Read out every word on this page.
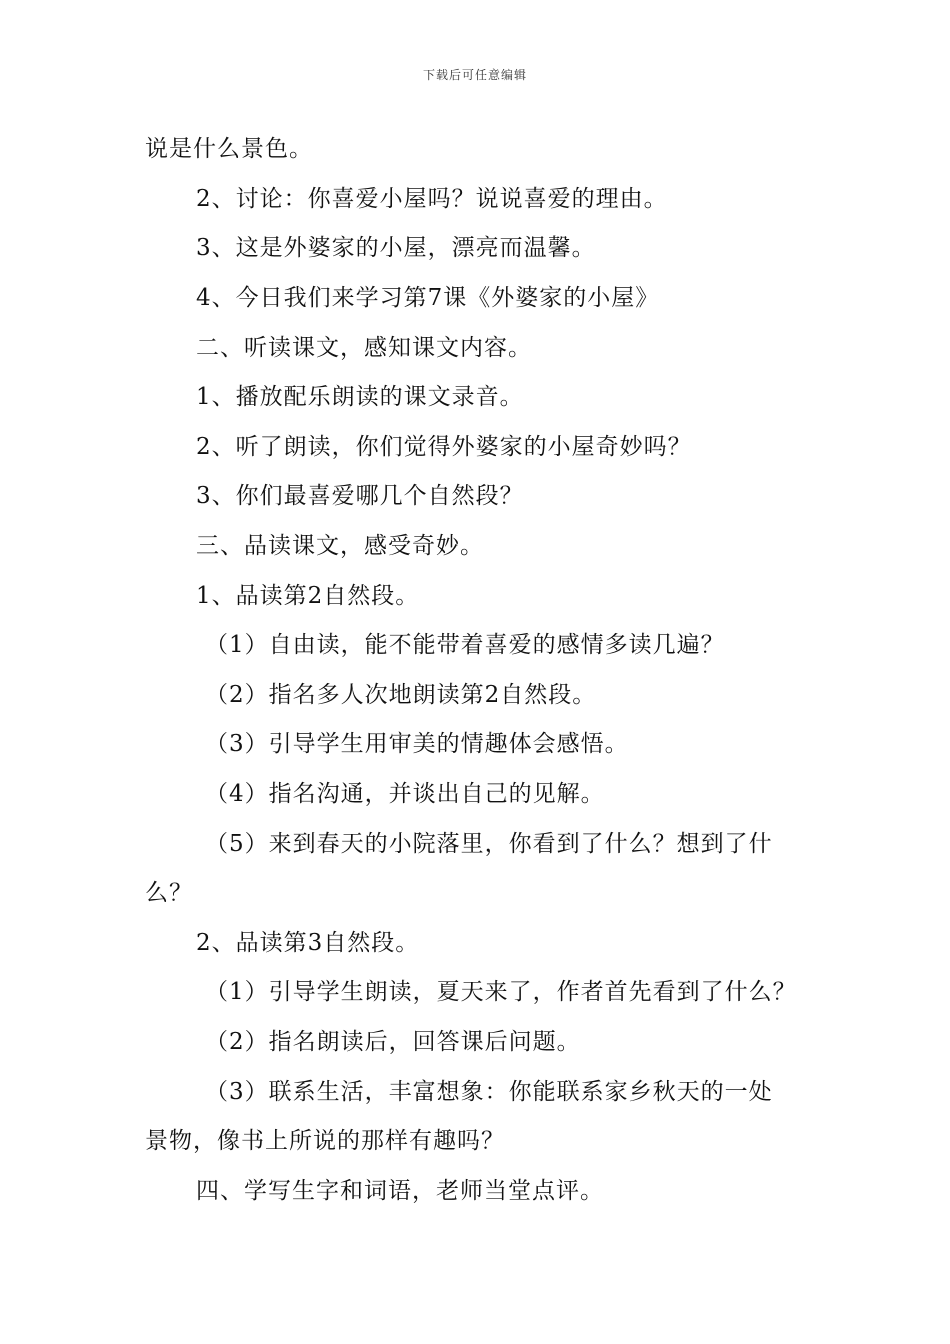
下载后可任意编辑
说是什么景色。
2、讨论：你喜爱小屋吗？说说喜爱的理由。
3、这是外婆家的小屋，漂亮而温馨。
4、今日我们来学习第7课《外婆家的小屋》
二、听读课文，感知课文内容。
1、播放配乐朗读的课文录音。
2、听了朗读，你们觉得外婆家的小屋奇妙吗？
3、你们最喜爱哪几个自然段？
三、品读课文，感受奇妙。
1、品读第2自然段。
（1）自由读，能不能带着喜爱的感情多读几遍？
（2）指名多人次地朗读第2自然段。
（3）引导学生用审美的情趣体会感悟。
（4）指名沟通，并谈出自己的见解。
（5）来到春天的小院落里，你看到了什么？想到了什
么？
2、品读第3自然段。
（1）引导学生朗读，夏天来了，作者首先看到了什么？
（2）指名朗读后，回答课后问题。
（3）联系生活，丰富想象：你能联系家乡秋天的一处
景物，像书上所说的那样有趣吗？
四、学写生字和词语，老师当堂点评。
